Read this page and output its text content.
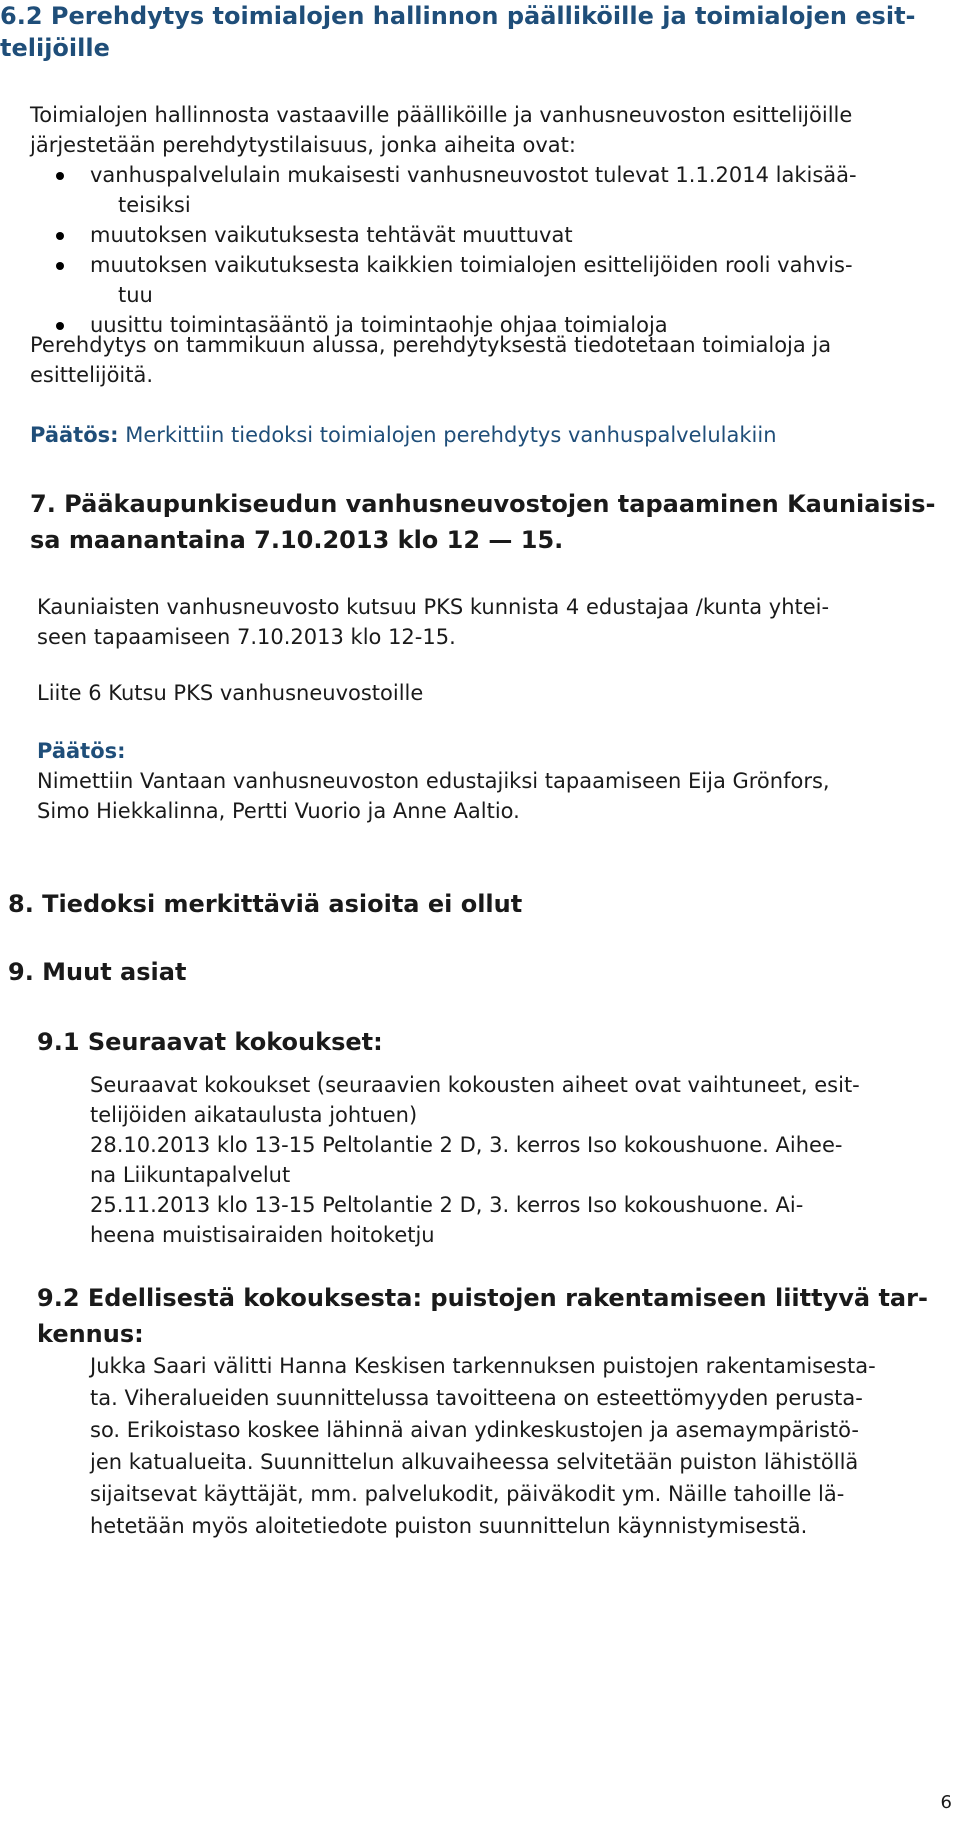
6.2 Perehdytys toimialojen hallinnon päälliköille ja toimialojen esit-
telijöille
Toimialojen hallinnosta vastaaville päälliköille ja vanhusneuvoston esittelijöille
järjestetään perehdytystilaisuus, jonka aiheita ovat:
vanhuspalvelulain mukaisesti vanhusneuvostot tulevat 1.1.2014 lakisää-
teisiksi
muutoksen vaikutuksesta tehtävät muuttuvat
muutoksen vaikutuksesta kaikkien toimialojen esittelijöiden rooli vahvis-
tuu
uusittu toimintasääntö ja toimintaohje ohjaa toimialoja
Perehdytys on tammikuun alussa, perehdytyksestä tiedotetaan toimialoja ja
esittelijöitä.
Päätös: Merkittiin tiedoksi toimialojen perehdytys vanhuspalvelulakiin
7. Pääkaupunkiseudun vanhusneuvostojen tapaaminen Kauniaisis-
sa maanantaina 7.10.2013 klo 12 — 15.
Kauniaisten vanhusneuvosto kutsuu PKS kunnista 4 edustajaa /kunta yhtei-
seen tapaamiseen 7.10.2013 klo 12-15.
Liite 6 Kutsu PKS vanhusneuvostoille
Päätös:
Nimettiin Vantaan vanhusneuvoston edustajiksi tapaamiseen Eija Grönfors,
Simo Hiekkalinna, Pertti Vuorio ja Anne Aaltio.
8. Tiedoksi merkittäviä asioita ei ollut
9. Muut asiat
9.1 Seuraavat kokoukset:
Seuraavat kokoukset (seuraavien kokousten aiheet ovat vaihtuneet, esit-
telijöiden aikataulusta johtuen)
28.10.2013 klo 13-15 Peltolantie 2 D, 3. kerros Iso kokoushuone. Aihee-
na Liikuntapalvelut
25.11.2013 klo 13-15 Peltolantie 2 D, 3. kerros Iso kokoushuone. Ai-
heena muistisairaiden hoitoketju
9.2 Edellisestä kokouksesta: puistojen rakentamiseen liittyvä tar-
kennus:
Jukka Saari välitti Hanna Keskisen tarkennuksen puistojen rakentamisesta-
ta. Viheralueiden suunnittelussa tavoitteena on esteettömyyden perusta-
so. Erikoistaso koskee lähinnä aivan ydinkeskustojen ja asemaympäristö-
jen katualueita. Suunnittelun alkuvaiheessa selvitetään puiston lähistöllä
sijaitsevat käyttäjät, mm. palvelukodit, päiväkodit ym. Näille tahoille lä-
hetetään myös aloitetiedote puiston suunnittelun käynnistymisestä.
6
